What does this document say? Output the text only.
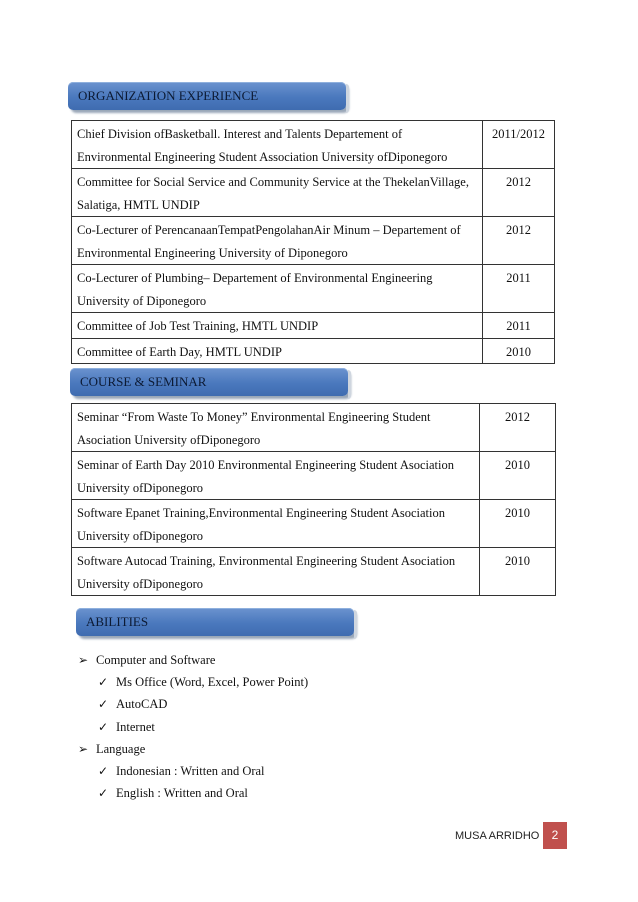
ORGANIZATION EXPERIENCE
Chief Division ofBasketball. Interest and Talents Departement of Environmental Engineering Student Association University ofDiponegoro	2011/2012
Committee for Social Service and Community Service at the ThekelanVillage, Salatiga, HMTL UNDIP	2012
Co-Lecturer of PerencanaanTempatPengolahanAir Minum – Departement of Environmental Engineering University of Diponegoro	2012
Co-Lecturer of Plumbing– Departement of Environmental Engineering University of Diponegoro	2011
Committee of Job Test Training, HMTL UNDIP	2011
Committee of Earth Day, HMTL UNDIP	2010
COURSE & SEMINAR
Seminar “From Waste To Money” Environmental Engineering Student Asociation University ofDiponegoro	2012
Seminar of Earth Day 2010 Environmental Engineering Student Asociation University ofDiponegoro	2010
Software Epanet Training,Environmental Engineering Student Asociation University ofDiponegoro	2010
Software Autocad Training, Environmental Engineering Student Asociation University ofDiponegoro	2010
ABILITIES
➢ Computer and Software
✓ Ms Office (Word, Excel, Power Point)
✓ AutoCAD
✓ Internet
➢ Language
✓ Indonesian : Written and Oral
✓ English : Written and Oral
MUSA ARRIDHO	2
